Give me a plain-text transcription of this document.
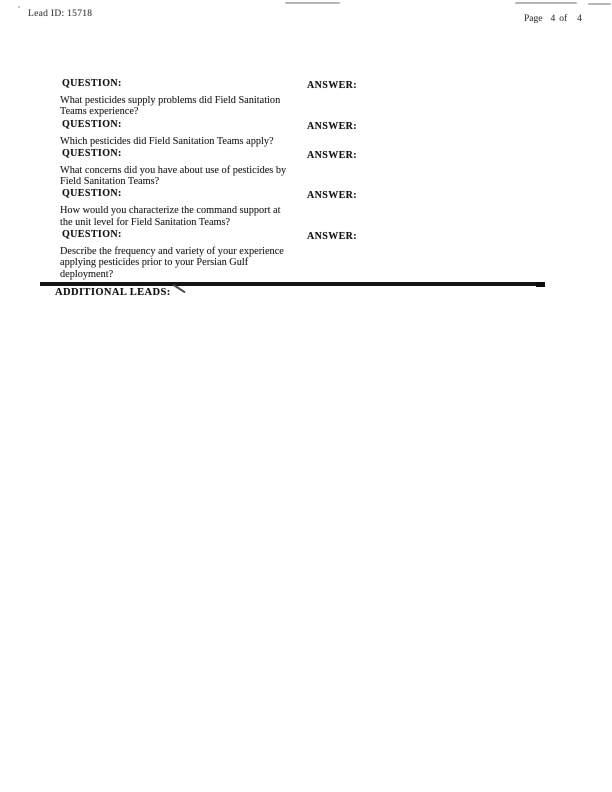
Lead ID: 15718	Page 4 of 4
QUESTION:	ANSWER:
What pesticides supply problems did Field Sanitation
Teams experience?
QUESTION:	ANSWER:
Which pesticides did Field Sanitation Teams apply?
QUESTION:	ANSWER:
What concerns did you have about use of pesticides by
Field Sanitation Teams?
QUESTION:	ANSWER:
How would you characterize the command support at
the unit level for Field Sanitation Teams?
QUESTION:	ANSWER:
Describe the frequency and variety of your experience
applying pesticides prior to your Persian Gulf
deployment?
ADDITIONAL LEADS:
